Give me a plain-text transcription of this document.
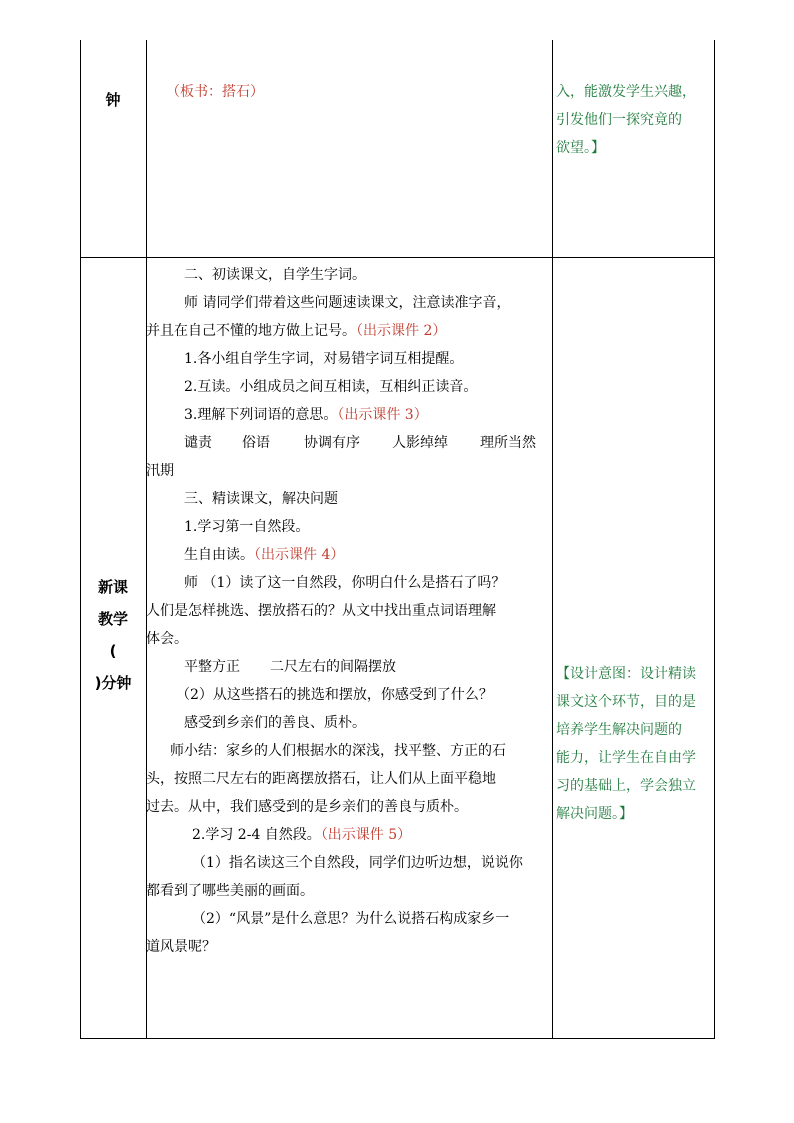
钟	（板书：搭石）	入，能激发学生兴趣，

引发他们一探究竟的

欲望。】

新课
教学
(
)分钟

二、初读课文，自学生字词。

师 请同学们带着这些问题速读课文，注意读准字音，

并且在自己不懂的地方做上记号。（出示课件 2）

1.各小组自学生字词，对易错字词互相提醒。

2.互读。小组成员之间互相读，互相纠正读音。

3.理解下列词语的意思。（出示课件 3）

谴责 俗语 协调有序 人影绰绰 理所当然

汛期

三、精读课文，解决问题

1.学习第一自然段。

生自由读。（出示课件 4）

师 （1）读了这一自然段，你明白什么是搭石了吗？

人们是怎样挑选、摆放搭石的？从文中找出重点词语理解

体会。

平整方正 二尺左右的间隔摆放

（2）从这些搭石的挑选和摆放，你感受到了什么？

感受到乡亲们的善良、质朴。

师小结：家乡的人们根据水的深浅，找平整、方正的石

头，按照二尺左右的距离摆放搭石，让人们从上面平稳地

过去。从中，我们感受到的是乡亲们的善良与质朴。

2.学习 2-4 自然段。（出示课件 5）

（1）指名读这三个自然段，同学们边听边想，说说你

都看到了哪些美丽的画面。

（2）“风景”是什么意思？为什么说搭石构成家乡一

道风景呢？

【设计意图：设计精读

课文这个环节，目的是

培养学生解决问题的

能力，让学生在自由学

习的基础上，学会独立

解决问题。】
